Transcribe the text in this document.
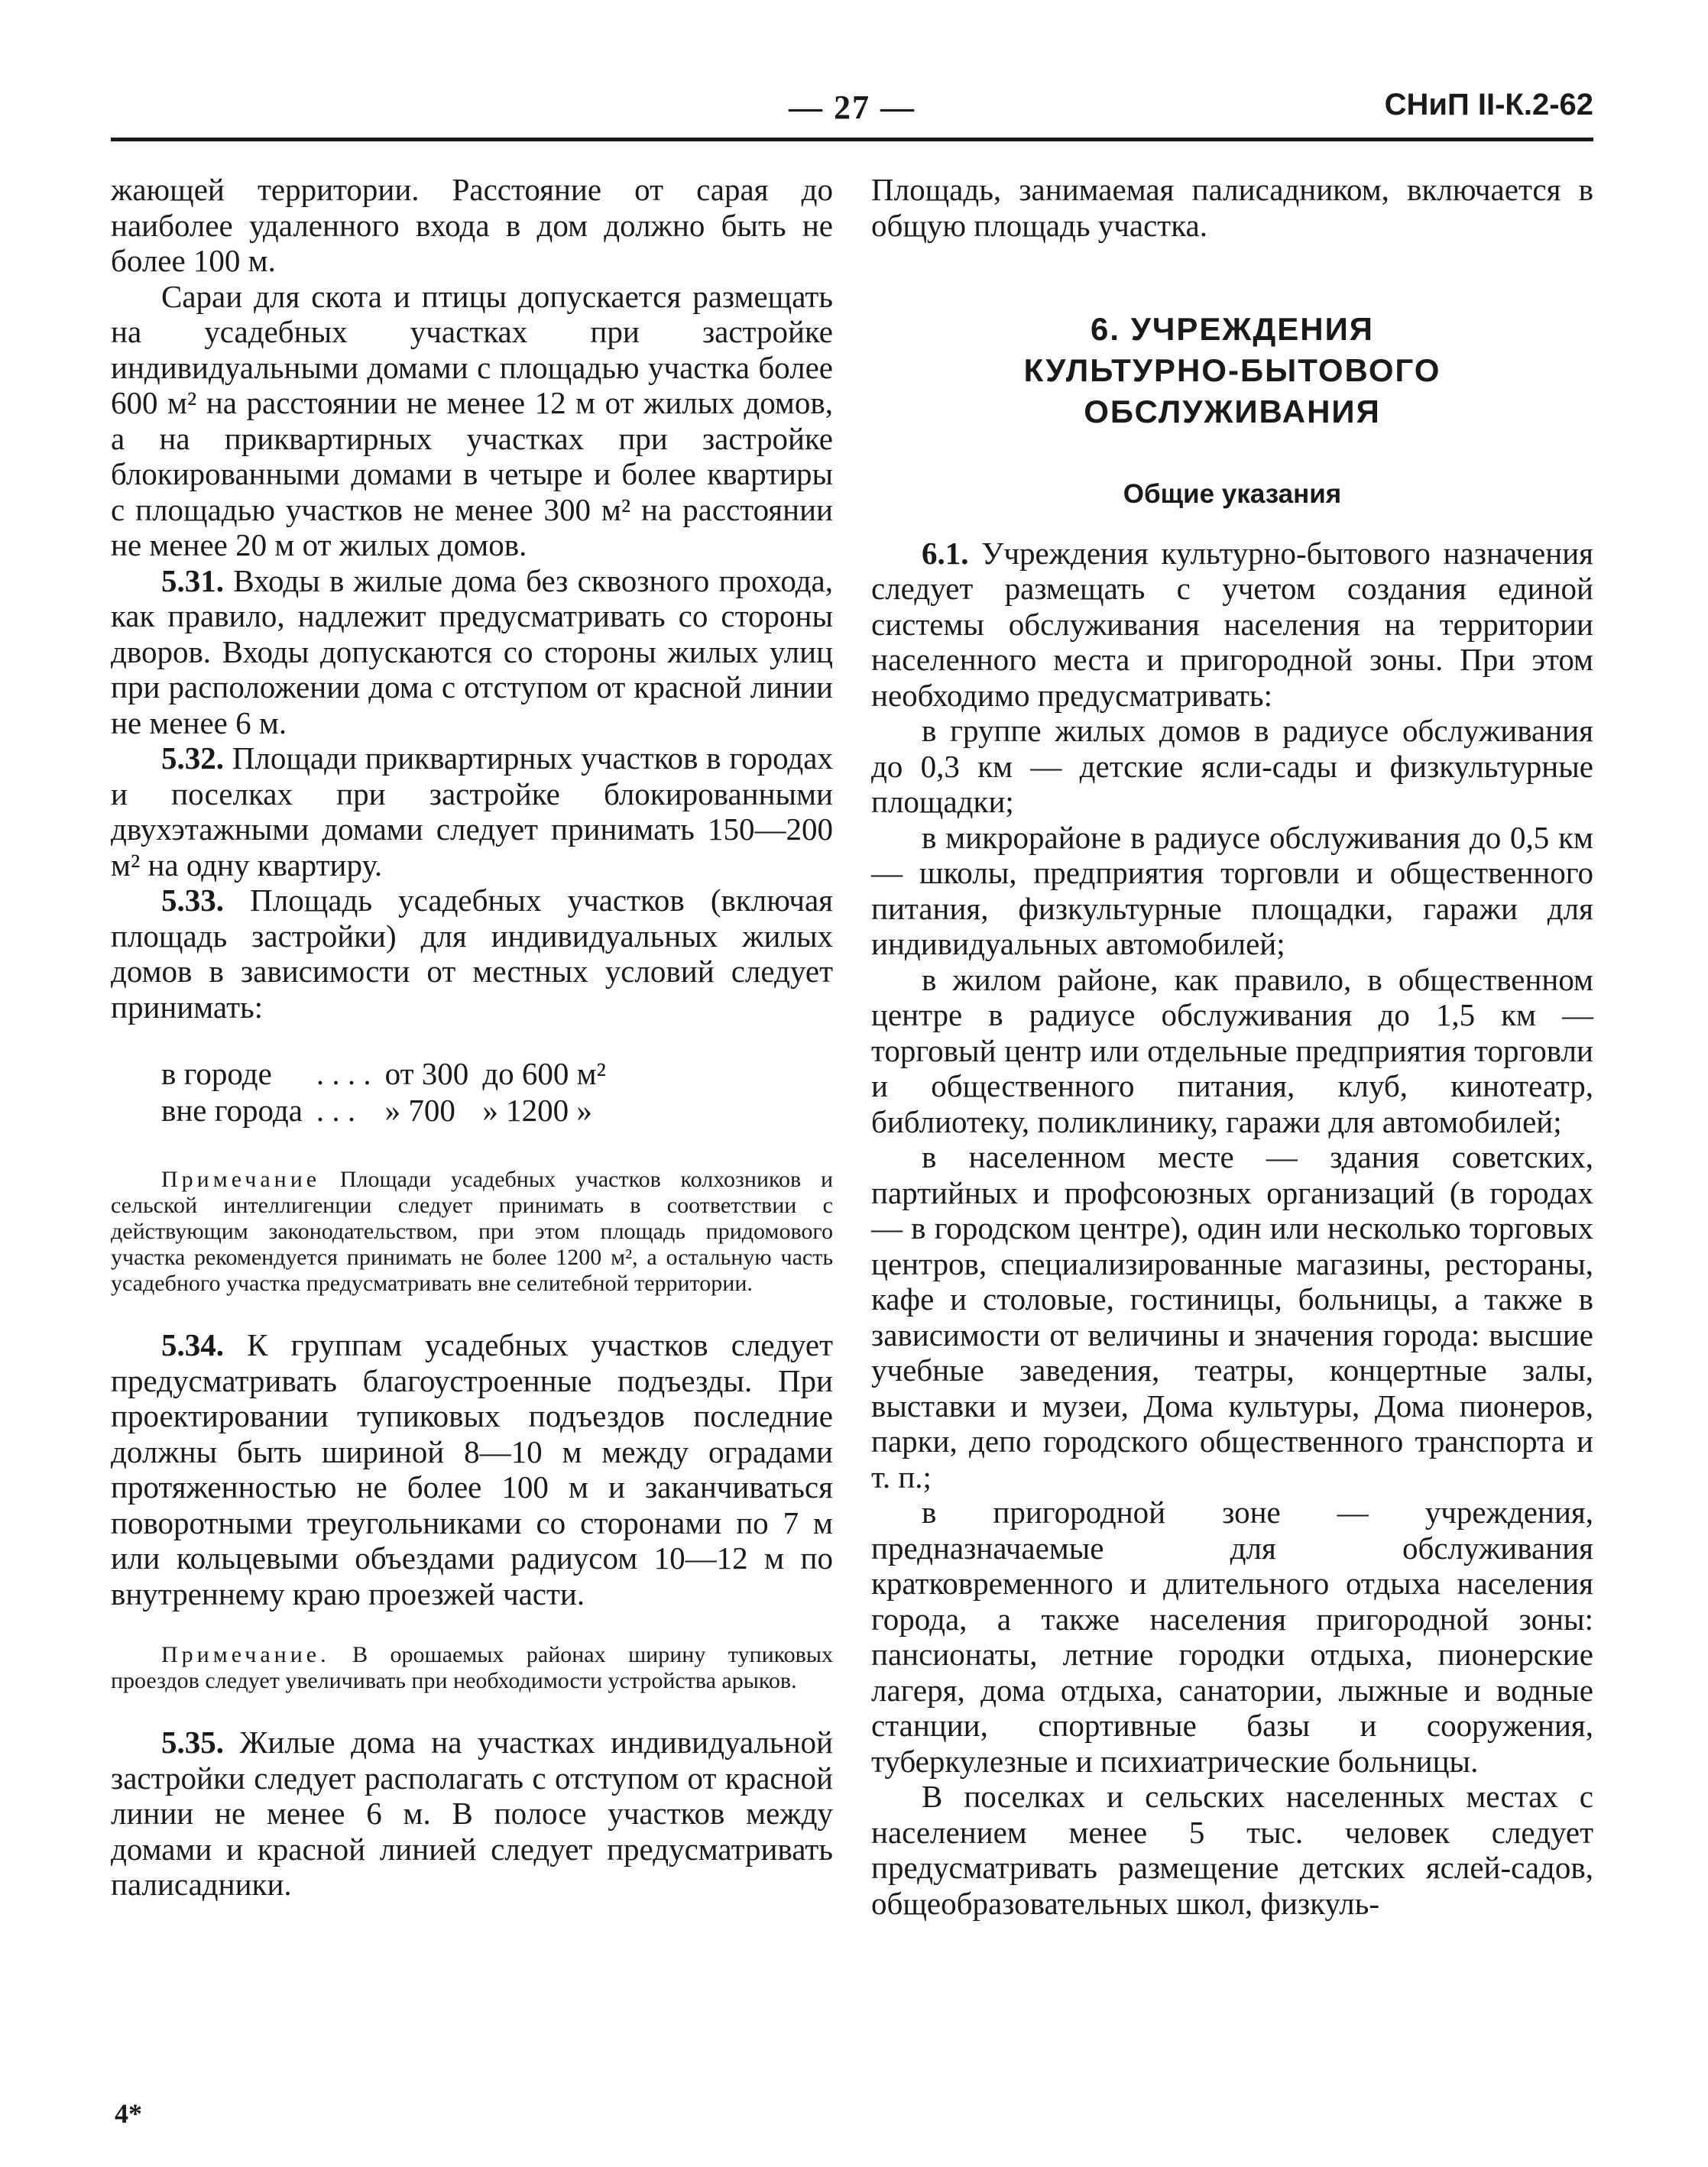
— 27 —	СНиП II-К.2-62

жающей территории. Расстояние от сарая до наиболее удаленного входа в дом должно быть не более 100 м.

Сараи для скота и птицы допускается размещать на усадебных участках при застройке индивидуальными домами с площадью участка более 600 м² на расстоянии не менее 12 м от жилых домов, а на приквартирных участках при застройке блокированными домами в четыре и более квартиры с площадью участков не менее 300 м² на расстоянии не менее 20 м от жилых домов.

5.31. Входы в жилые дома без сквозного прохода, как правило, надлежит предусматривать со стороны дворов. Входы допускаются со стороны жилых улиц при расположении дома с отступом от красной линии не менее 6 м.

5.32. Площади приквартирных участков в городах и поселках при застройке блокированными двухэтажными домами следует принимать 150—200 м² на одну квартиру.

5.33. Площадь усадебных участков (включая площадь застройки) для индивидуальных жилых домов в зависимости от местных условий следует принимать:

в городе	. . . .	от 300	до 600 м²
вне города	. . .	» 700	» 1200 »

Примечание Площади усадебных участков колхозников и сельской интеллигенции следует принимать в соответствии с действующим законодательством, при этом площадь придомового участка рекомендуется принимать не более 1200 м², а остальную часть усадебного участка предусматривать вне селитебной территории.

5.34. К группам усадебных участков следует предусматривать благоустроенные подъезды. При проектировании тупиковых подъездов последние должны быть шириной 8—10 м между оградами протяженностью не более 100 м и заканчиваться поворотными треугольниками со сторонами по 7 м или кольцевыми объездами радиусом 10—12 м по внутреннему краю проезжей части.

Примечание. В орошаемых районах ширину тупиковых проездов следует увеличивать при необходимости устройства арыков.

5.35. Жилые дома на участках индивидуальной застройки следует располагать с отступом от красной линии не менее 6 м. В полосе участков между домами и красной линией следует предусматривать палисадники.

Площадь, занимаемая палисадником, включается в общую площадь участка.

6. УЧРЕЖДЕНИЯ
КУЛЬТУРНО-БЫТОВОГО
ОБСЛУЖИВАНИЯ
Общие указания

6.1. Учреждения культурно-бытового назначения следует размещать с учетом создания единой системы обслуживания населения на территории населенного места и пригородной зоны. При этом необходимо предусматривать:

в группе жилых домов в радиусе обслуживания до 0,3 км — детские ясли-сады и физкультурные площадки;

в микрорайоне в радиусе обслуживания до 0,5 км — школы, предприятия торговли и общественного питания, физкультурные площадки, гаражи для индивидуальных автомобилей;

в жилом районе, как правило, в общественном центре в радиусе обслуживания до 1,5 км — торговый центр или отдельные предприятия торговли и общественного питания, клуб, кинотеатр, библиотеку, поликлинику, гаражи для автомобилей;

в населенном месте — здания советских, партийных и профсоюзных организаций (в городах — в городском центре), один или несколько торговых центров, специализированные магазины, рестораны, кафе и столовые, гостиницы, больницы, а также в зависимости от величины и значения города: высшие учебные заведения, театры, концертные залы, выставки и музеи, Дома культуры, Дома пионеров, парки, депо городского общественного транспорта и т. п.;

в пригородной зоне — учреждения, предназначаемые для обслуживания кратковременного и длительного отдыха населения города, а также населения пригородной зоны: пансионаты, летние городки отдыха, пионерские лагеря, дома отдыха, санатории, лыжные и водные станции, спортивные базы и сооружения, туберкулезные и психиатрические больницы.

В поселках и сельских населенных местах с населением менее 5 тыс. человек следует предусматривать размещение детских яслей-садов, общеобразовательных школ, физкуль-

4*
